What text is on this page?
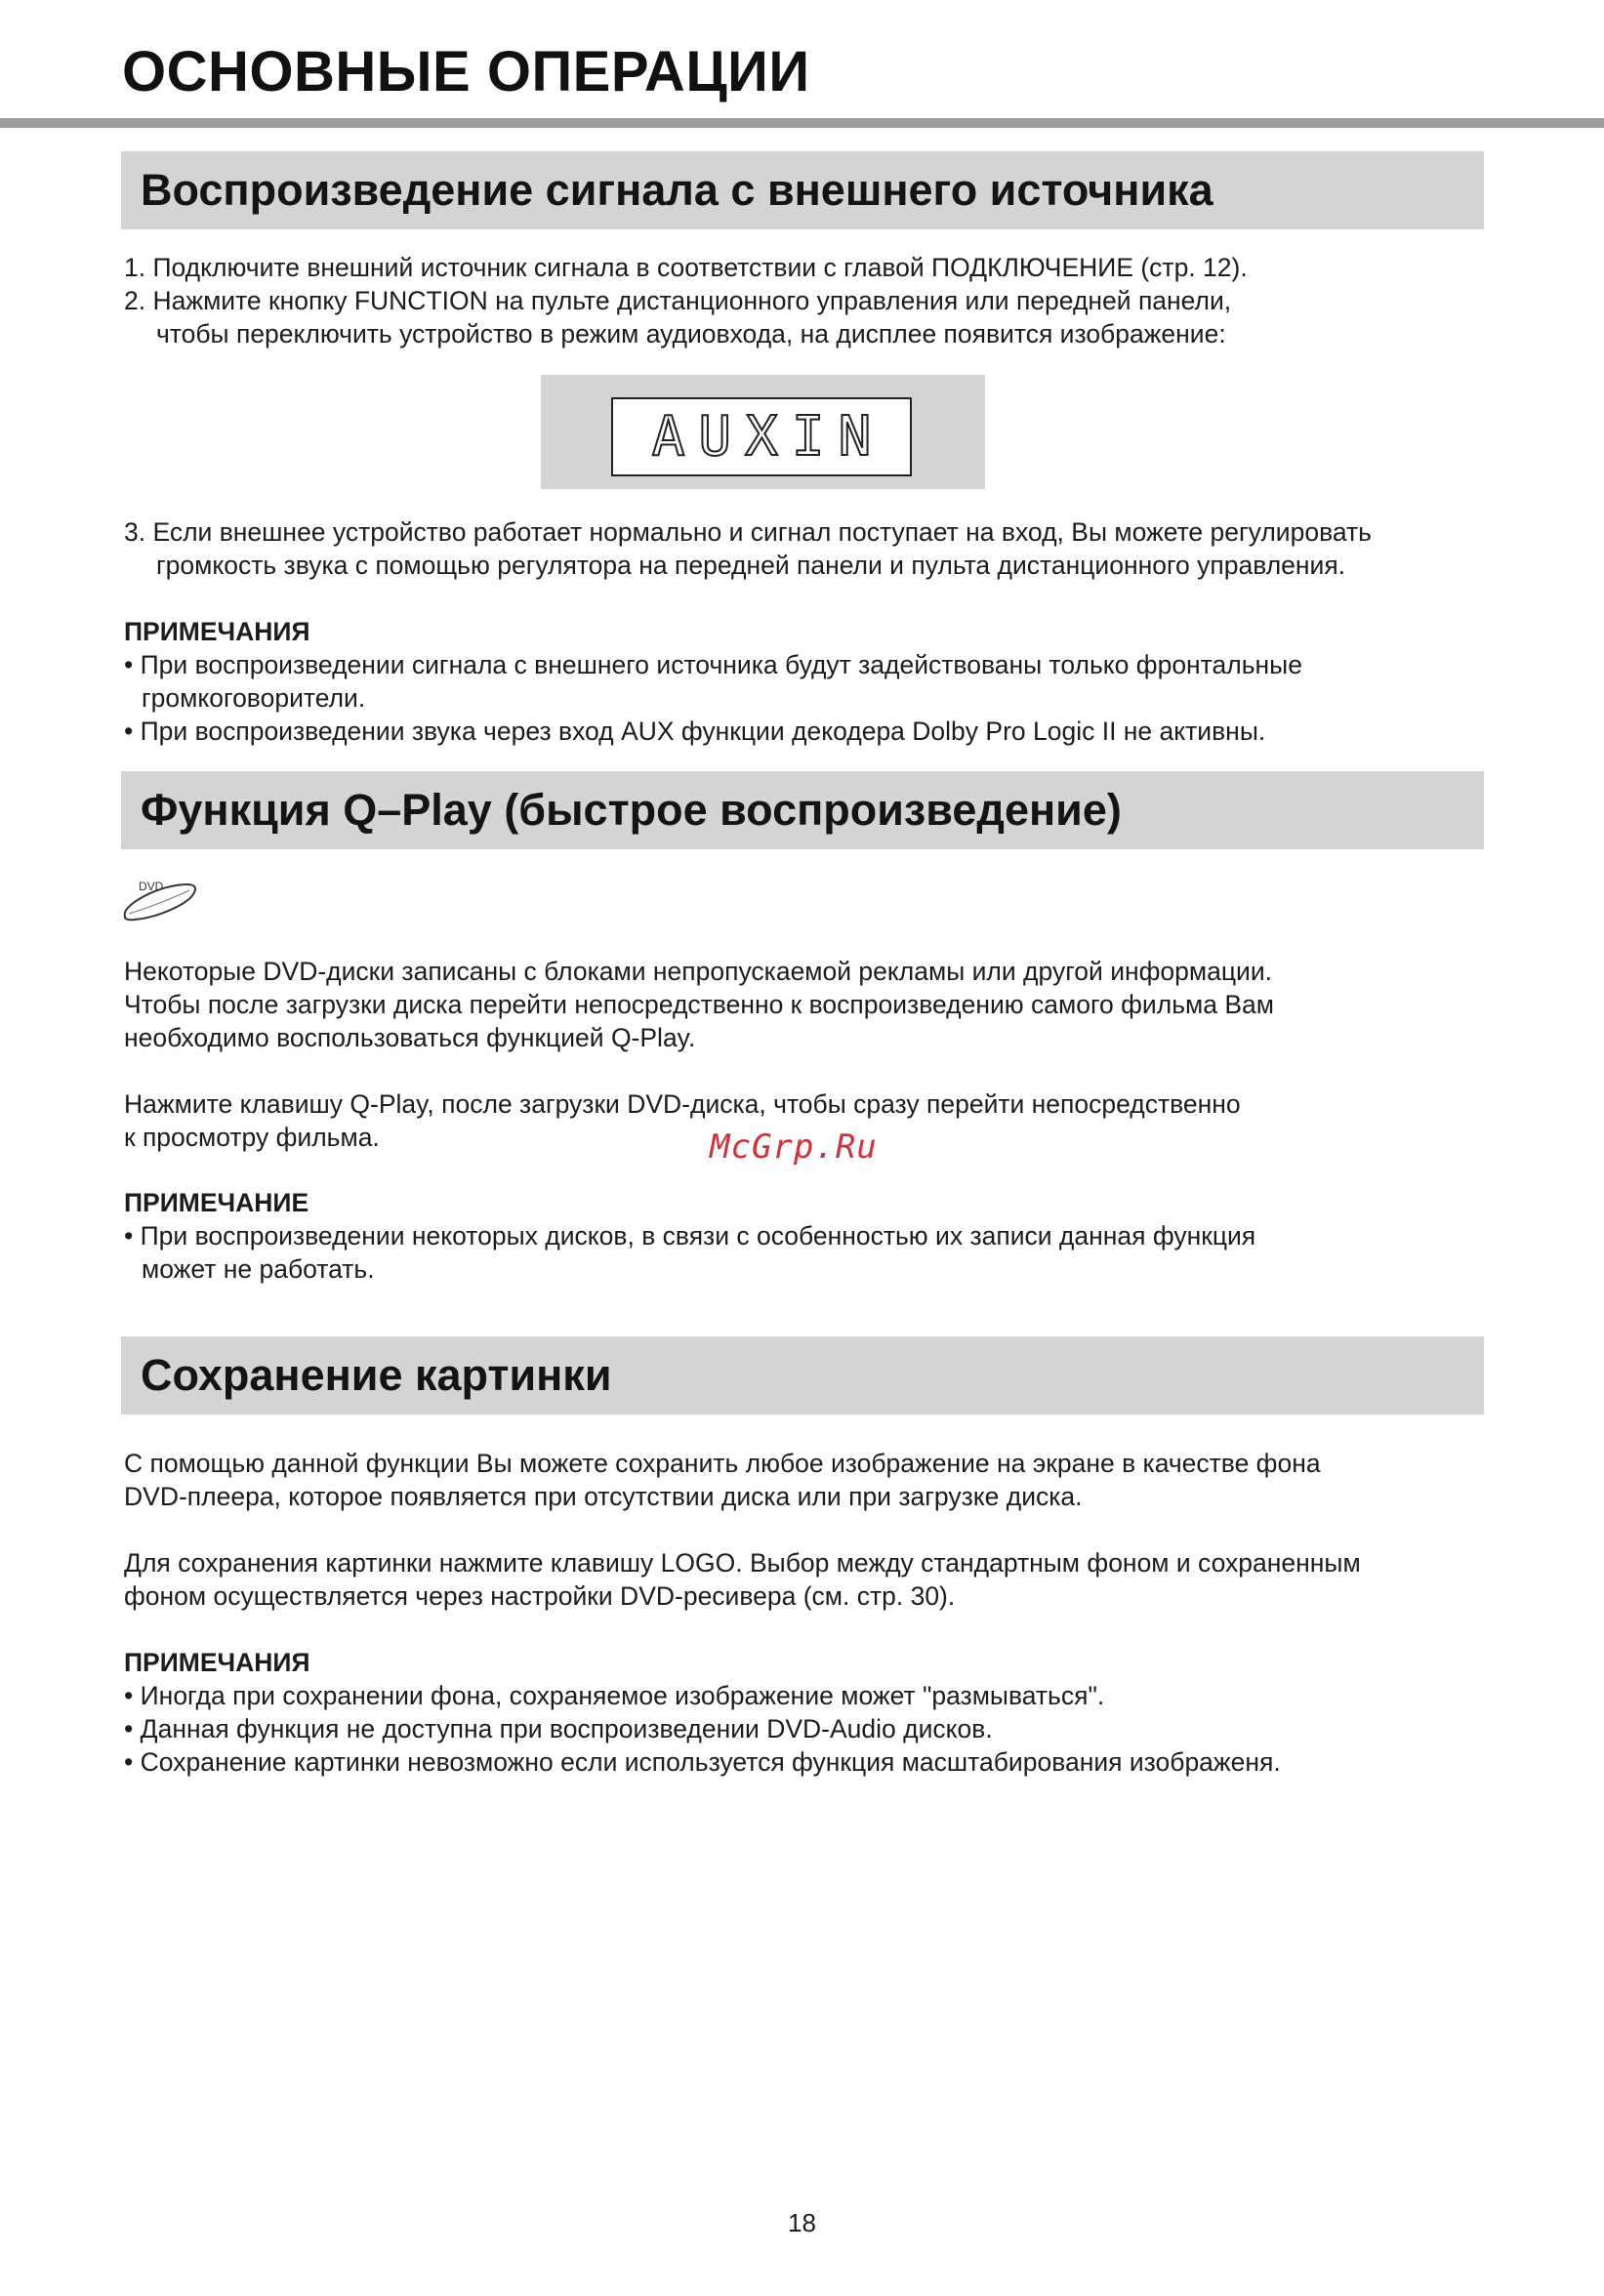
ОСНОВНЫЕ ОПЕРАЦИИ
Воспроизведение сигнала с внешнего источника

1. Подключите внешний источник сигнала в соответствии с главой ПОДКЛЮЧЕНИЕ (стр. 12).

2. Нажмите кнопку FUNCTION на пульте дистанционного управления или передней панели,

чтобы переключить устройство в режим аудиовхода, на дисплее появится изображение:

AUXIN

3. Если внешнее устройство работает нормально и сигнал поступает на вход, Вы можете регулировать

громкость звука с помощью регулятора на передней панели и пульта дистанционного управления.

ПРИМЕЧАНИЯ

• При воспроизведении сигнала с внешнего источника будут задействованы только фронтальные

громкоговорители.

• При воспроизведении звука через вход AUX функции декодера Dolby Pro Logic II не активны.

Функция Q–Play (быстрое воспроизведение)
DVD

Некоторые DVD-диски записаны с блоками непропускаемой рекламы или другой информации.

Чтобы после загрузки диска перейти непосредственно к воспроизведению самого фильма Вам

необходимо воспользоваться функцией Q-Play.

Нажмите клавишу Q-Play, после загрузки DVD-диска, чтобы сразу перейти непосредственно

к просмотру фильма.	McGrp.Ru

ПРИМЕЧАНИЕ

• При воспроизведении некоторых дисков, в связи с особенностью их записи данная функция

может не работать.

Сохранение картинки

С помощью данной функции Вы можете сохранить любое изображение на экране в качестве фона

DVD-плеера, которое появляется при отсутствии диска или при загрузке диска.

Для сохранения картинки нажмите клавишу LOGO. Выбор между стандартным фоном и сохраненным

фоном осуществляется через настройки DVD-ресивера (см. стр. 30).

ПРИМЕЧАНИЯ

• Иногда при сохранении фона, сохраняемое изображение может "размываться".

• Данная функция не доступна при воспроизведении DVD-Audio дисков.

• Сохранение картинки невозможно если используется функция масштабирования изображеня.

18
